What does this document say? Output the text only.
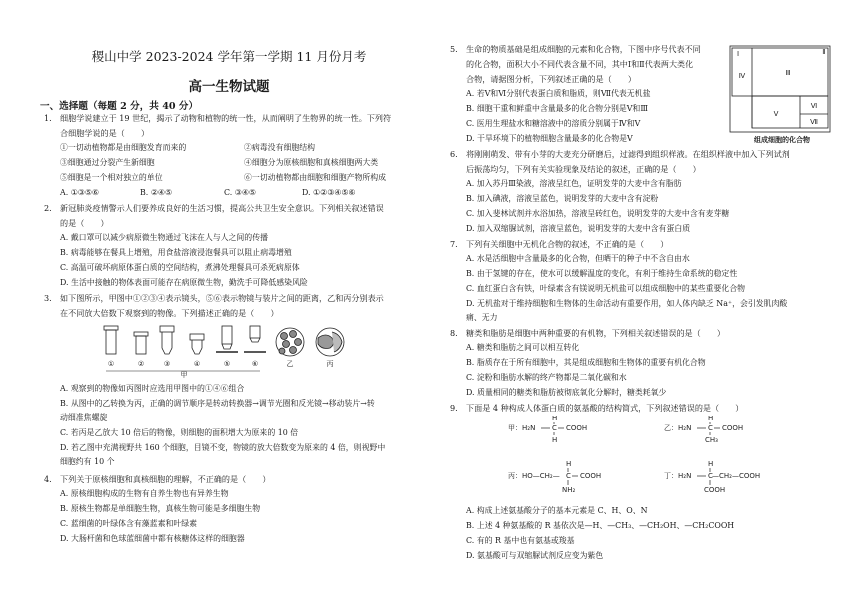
稷山中学 2023-2024 学年第一学期 11 月份月考
高一生物试题
一、选择题（每题 2 分，共 40 分）
1. 细胞学说建立于 19 世纪，揭示了动物和植物的统一性，从而阐明了生物界的统一性。下列符
合细胞学说的是（　　）
①一切动植物都是由细胞发育而来的	②病毒没有细胞结构
③细胞通过分裂产生新细胞	④细胞分为原核细胞和真核细胞两大类
⑤细胞是一个相对独立的单位	⑥一切动植物都由细胞和细胞产物所构成
A. ①③⑤⑥	B. ②④⑤	C. ③④⑤	D. ①②③④⑤⑥
2. 新冠肺炎疫情警示人们要养成良好的生活习惯，提高公共卫生安全意识。下列相关叙述错误
的是（　　）
A. 戴口罩可以减少病原微生物通过飞沫在人与人之间的传播
B. 病毒能够在餐具上增殖，用食盐溶液浸泡餐具可以阻止病毒增殖
C. 高温可破坏病原体蛋白质的空间结构，煮沸处理餐具可杀死病原体
D. 生活中接触的物体表面可能存在病原微生物，勤洗手可降低感染风险
3. 如下图所示，甲图中①②③④表示镜头，⑤⑥表示物镜与装片之间的距离，乙和丙分别表示
在不同放大倍数下观察到的物像。下列描述正确的是（　　）
①	②	③	④	⑤	⑥
甲
乙	丙
A. 观察到的物像如丙图时应选用甲图中的①④⑥组合
B. 从图中的乙转换为丙，正确的调节顺序是转动转换器→调节光圈和反光镜→移动装片→转
动细准焦螺旋
C. 若丙是乙放大 10 倍后的物像，则细胞的面积增大为原来的 10 倍
D. 若乙图中充满视野共 160 个细胞，目镜不变，物镜的放大倍数变为原来的 4 倍，则视野中
细胞约有 10 个
4. 下列关于原核细胞和真核细胞的理解，不正确的是（　　）
A. 原核细胞构成的生物有自养生物也有异养生物
B. 原核生物都是单细胞生物，真核生物可能是多细胞生物
C. 蓝细菌的叶绿体含有藻蓝素和叶绿素
D. 大肠杆菌和色球蓝细菌中都有核糖体这样的细胞器
5. 生命的物质基础是组成细胞的元素和化合物，下图中序号代表不同
的化合物，面积大小不同代表含量不同，其中Ⅰ和Ⅱ代表两大类化
合物，请据图分析，下列叙述正确的是（　　）
A. 若Ⅴ和Ⅵ分别代表蛋白质和脂质，则Ⅶ代表无机盐
B. 细胞干重和鲜重中含量最多的化合物分别是Ⅴ和Ⅲ
C. 医用生理盐水和糖溶液中的溶质分别属于Ⅳ和Ⅴ
D. 干旱环境下的植物细胞含量最多的化合物是Ⅴ
Ⅰ	Ⅱ
Ⅲ
Ⅳ
Ⅴ
Ⅵ
Ⅶ
组成细胞的化合物
6. 将刚刚萌发、带有小芽的大麦充分研磨后，过滤得到组织样液。在组织样液中加入下列试剂
后振荡均匀，下列有关实验现象及结论的叙述，正确的是（　　）
A. 加入苏丹Ⅲ染液，溶液呈红色，证明发芽的大麦中含有脂肪
B. 加入碘液，溶液呈蓝色，说明发芽的大麦中含有淀粉
C. 加入斐林试剂并水浴加热，溶液呈砖红色，说明发芽的大麦中含有麦芽糖
D. 加入双缩脲试剂，溶液呈蓝色，说明发芽的大麦中含有蛋白质
7. 下列有关细胞中无机化合物的叙述，不正确的是（　　）
A. 水是活细胞中含量最多的化合物，但晒干的种子中不含自由水
B. 由于氢键的存在，使水可以缓解温度的变化，有利于维持生命系统的稳定性
C. 血红蛋白含有铁，叶绿素含有镁说明无机盐可以组成细胞中的某些重要化合物
D. 无机盐对于维持细胞和生物体的生命活动有重要作用，如人体内缺乏 Na⁺，会引发肌肉酸
痛、无力
8. 糖类和脂肪是细胞中两种重要的有机物，下列相关叙述错误的是（　　）
A. 糖类和脂肪之间可以相互转化
B. 脂质存在于所有细胞中，其是组成细胞和生物体的重要有机化合物
C. 淀粉和脂肪水解的终产物都是二氧化碳和水
D. 质量相同的糖类和脂肪被彻底氧化分解时，糖类耗氧少
9. 下面是 4 种构成人体蛋白质的氨基酸的结构简式，下列叙述错误的是（　　）
甲： H₂N C COOH
H
H
乙： H₂N C COOH
H
CH₃
丙： HO—CH₂— C COOH
H
NH₂
丁： H₂N C —CH₂—COOH
H
COOH
A. 构成上述氨基酸分子的基本元素是 C、H、O、N
B. 上述 4 种氨基酸的 R 基依次是—H、—CH₃、—CH₂OH、—CH₂COOH
C. 有的 R 基中也有氨基或羧基
D. 氨基酸可与双缩脲试剂反应变为紫色
